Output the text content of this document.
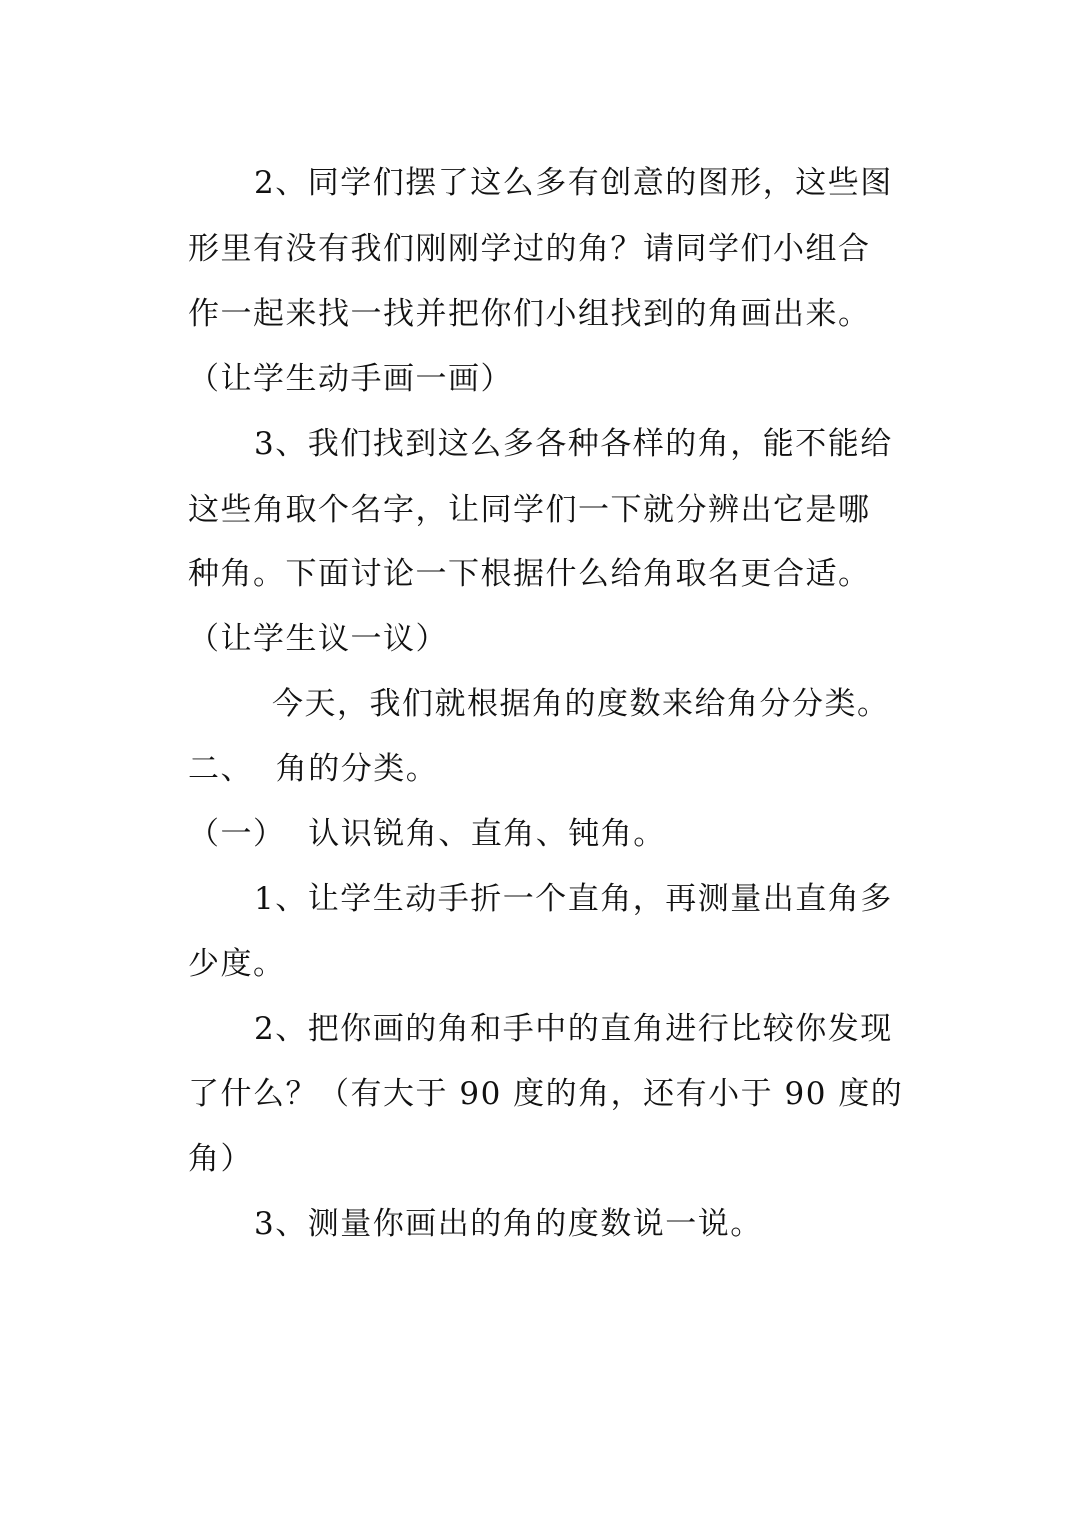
2、同学们摆了这么多有创意的图形，这些图
形里有没有我们刚刚学过的角？请同学们小组合
作一起来找一找并把你们小组找到的角画出来。
（让学生动手画一画）
3、我们找到这么多各种各样的角，能不能给
这些角取个名字，让同学们一下就分辨出它是哪
种角。下面讨论一下根据什么给角取名更合适。
（让学生议一议）
今天，我们就根据角的度数来给角分分类。
二、  角的分类。
（一）  认识锐角、直角、钝角。
1、让学生动手折一个直角，再测量出直角多
少度。
2、把你画的角和手中的直角进行比较你发现
了什么？（有大于 90 度的角，还有小于 90 度的
角）
3、测量你画出的角的度数说一说。
